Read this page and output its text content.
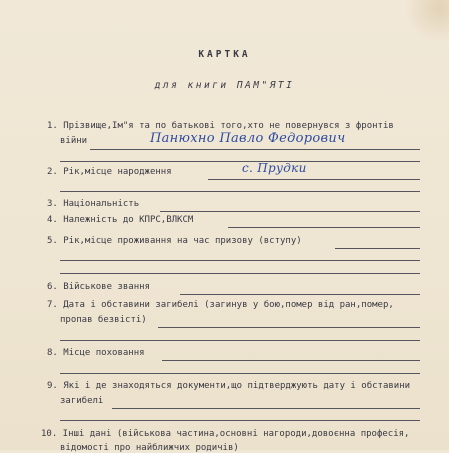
КАРТКА
для книги ПАМ"ЯТІ
1. Прізвище,Ім"я та по батькові того,хто не повернувся з фронтів
війни	Панюхно Павло Федорович
2. Рік,місце народження	с. Прудки
3. Національність
4. Належність до КПРС,ВЛКСМ
5. Рік,місце проживання на час призову (вступу)
6. Військове звання
7. Дата і обставини загибелі (загинув у бою,помер від ран,помер,
пропав безвісті)
8. Місце поховання
9. Які і де знаходяться документи,що підтверджують дату і обставини
загибелі
10. Інші дані (військова частина,основні нагороди,довоєнна професія,
відомості про найближчих родичів)
